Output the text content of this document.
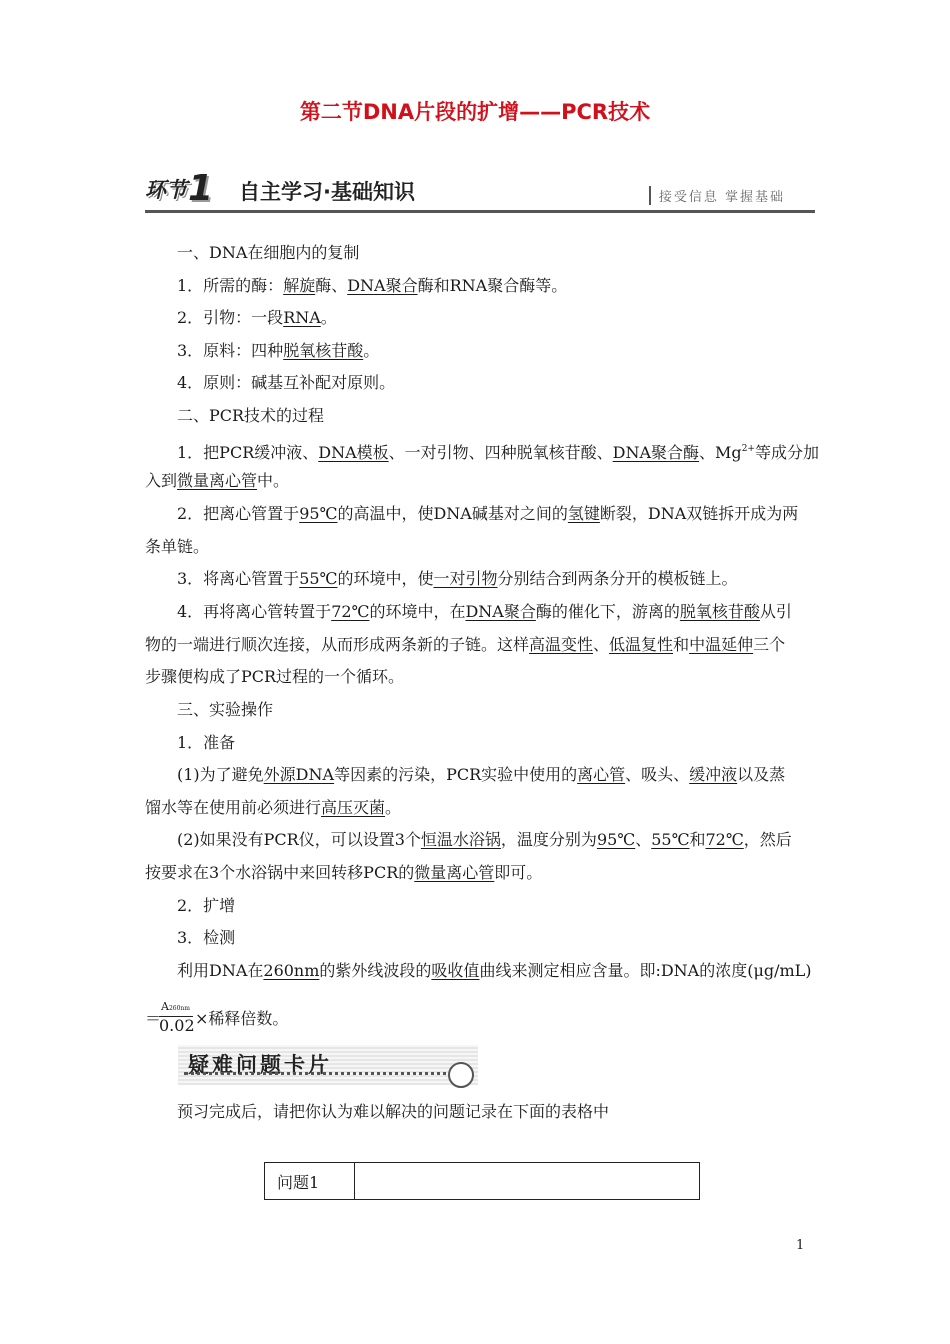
第二节DNA片段的扩增——PCR技术
环节 1 自主学习·基础知识	接受信息 掌握基础
一、DNA在细胞内的复制
1．所需的酶：解旋酶、DNA聚合酶和RNA聚合酶等。
2．引物：一段RNA。
3．原料：四种脱氧核苷酸。
4．原则：碱基互补配对原则。
二、PCR技术的过程
1．把PCR缓冲液、DNA模板、一对引物、四种脱氧核苷酸、DNA聚合酶、$Mg^{2+}$等成分加
入到微量离心管中。
2．把离心管置于95℃的高温中，使DNA碱基对之间的氢键断裂，DNA双链拆开成为两
条单链。
3．将离心管置于55℃的环境中，使一对引物分别结合到两条分开的模板链上。
4．再将离心管转置于72℃的环境中，在DNA聚合酶的催化下，游离的脱氧核苷酸从引
物的一端进行顺次连接，从而形成两条新的子链。这样高温变性、低温复性和中温延伸三个
步骤便构成了PCR过程的一个循环。
三、实验操作
1．准备
(1)为了避免外源DNA等因素的污染，PCR实验中使用的离心管、吸头、缓冲液以及蒸
馏水等在使用前必须进行高压灭菌。
(2)如果没有PCR仪，可以设置3个恒温水浴锅，温度分别为95℃、55℃和72℃，然后
按要求在3个水浴锅中来回转移PCR的微量离心管即可。
2．扩增
3．检测
利用DNA在260nm的紫外线波段的吸收值曲线来测定相应含量。即:DNA的浓度(μg/mL)
＝
A260nm
0.02 ×稀释倍数。
疑难问题卡片
预习完成后，请把你认为难以解决的问题记录在下面的表格中
问题1	
1
